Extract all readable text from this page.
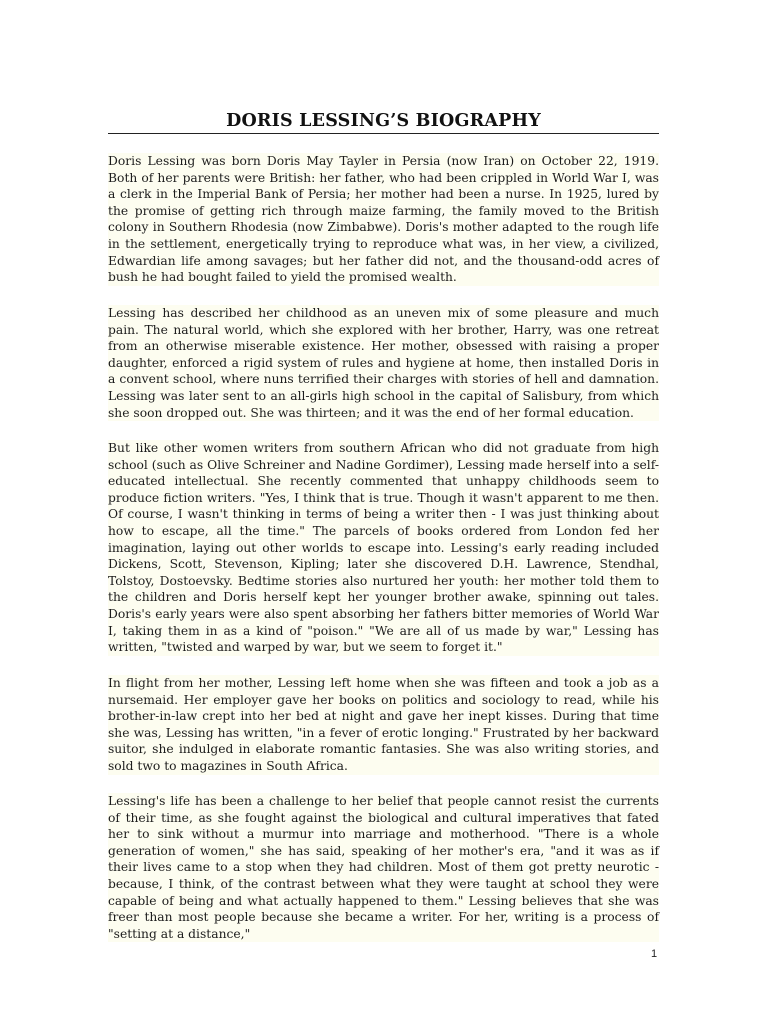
DORIS LESSING’S BIOGRAPHY

Doris Lessing was born Doris May Tayler in Persia (now Iran) on October 22, 1919. Both of her parents were British: her father, who had been crippled in World War I, was a clerk in the Imperial Bank of Persia; her mother had been a nurse. In 1925, lured by the promise of getting rich through maize farming, the family moved to the British colony in Southern Rhodesia (now Zimbabwe). Doris's mother adapted to the rough life in the settlement, energetically trying to reproduce what was, in her view, a civilized, Edwardian life among savages; but her father did not, and the thousand-odd acres of bush he had bought failed to yield the promised wealth.

Lessing has described her childhood as an uneven mix of some pleasure and much pain. The natural world, which she explored with her brother, Harry, was one retreat from an otherwise miserable existence. Her mother, obsessed with raising a proper daughter, enforced a rigid system of rules and hygiene at home, then installed Doris in a convent school, where nuns terrified their charges with stories of hell and damnation. Lessing was later sent to an all-girls high school in the capital of Salisbury, from which she soon dropped out. She was thirteen; and it was the end of her formal education.

But like other women writers from southern African who did not graduate from high school (such as Olive Schreiner and Nadine Gordimer), Lessing made herself into a self-educated intellectual. She recently commented that unhappy childhoods seem to produce fiction writers. "Yes, I think that is true. Though it wasn't apparent to me then. Of course, I wasn't thinking in terms of being a writer then - I was just thinking about how to escape, all the time." The parcels of books ordered from London fed her imagination, laying out other worlds to escape into. Lessing's early reading included Dickens, Scott, Stevenson, Kipling; later she discovered D.H. Lawrence, Stendhal, Tolstoy, Dostoevsky. Bedtime stories also nurtured her youth: her mother told them to the children and Doris herself kept her younger brother awake, spinning out tales. Doris's early years were also spent absorbing her fathers bitter memories of World War I, taking them in as a kind of "poison." "We are all of us made by war," Lessing has written, "twisted and warped by war, but we seem to forget it."

In flight from her mother, Lessing left home when she was fifteen and took a job as a nursemaid. Her employer gave her books on politics and sociology to read, while his brother-in-law crept into her bed at night and gave her inept kisses. During that time she was, Lessing has written, "in a fever of erotic longing." Frustrated by her backward suitor, she indulged in elaborate romantic fantasies. She was also writing stories, and sold two to magazines in South Africa.

Lessing's life has been a challenge to her belief that people cannot resist the currents of their time, as she fought against the biological and cultural imperatives that fated her to sink without a murmur into marriage and motherhood. "There is a whole generation of women," she has said, speaking of her mother's era, "and it was as if their lives came to a stop when they had children. Most of them got pretty neurotic - because, I think, of the contrast between what they were taught at school they were capable of being and what actually happened to them." Lessing believes that she was freer than most people because she became a writer. For her, writing is a process of "setting at a distance,"

1
